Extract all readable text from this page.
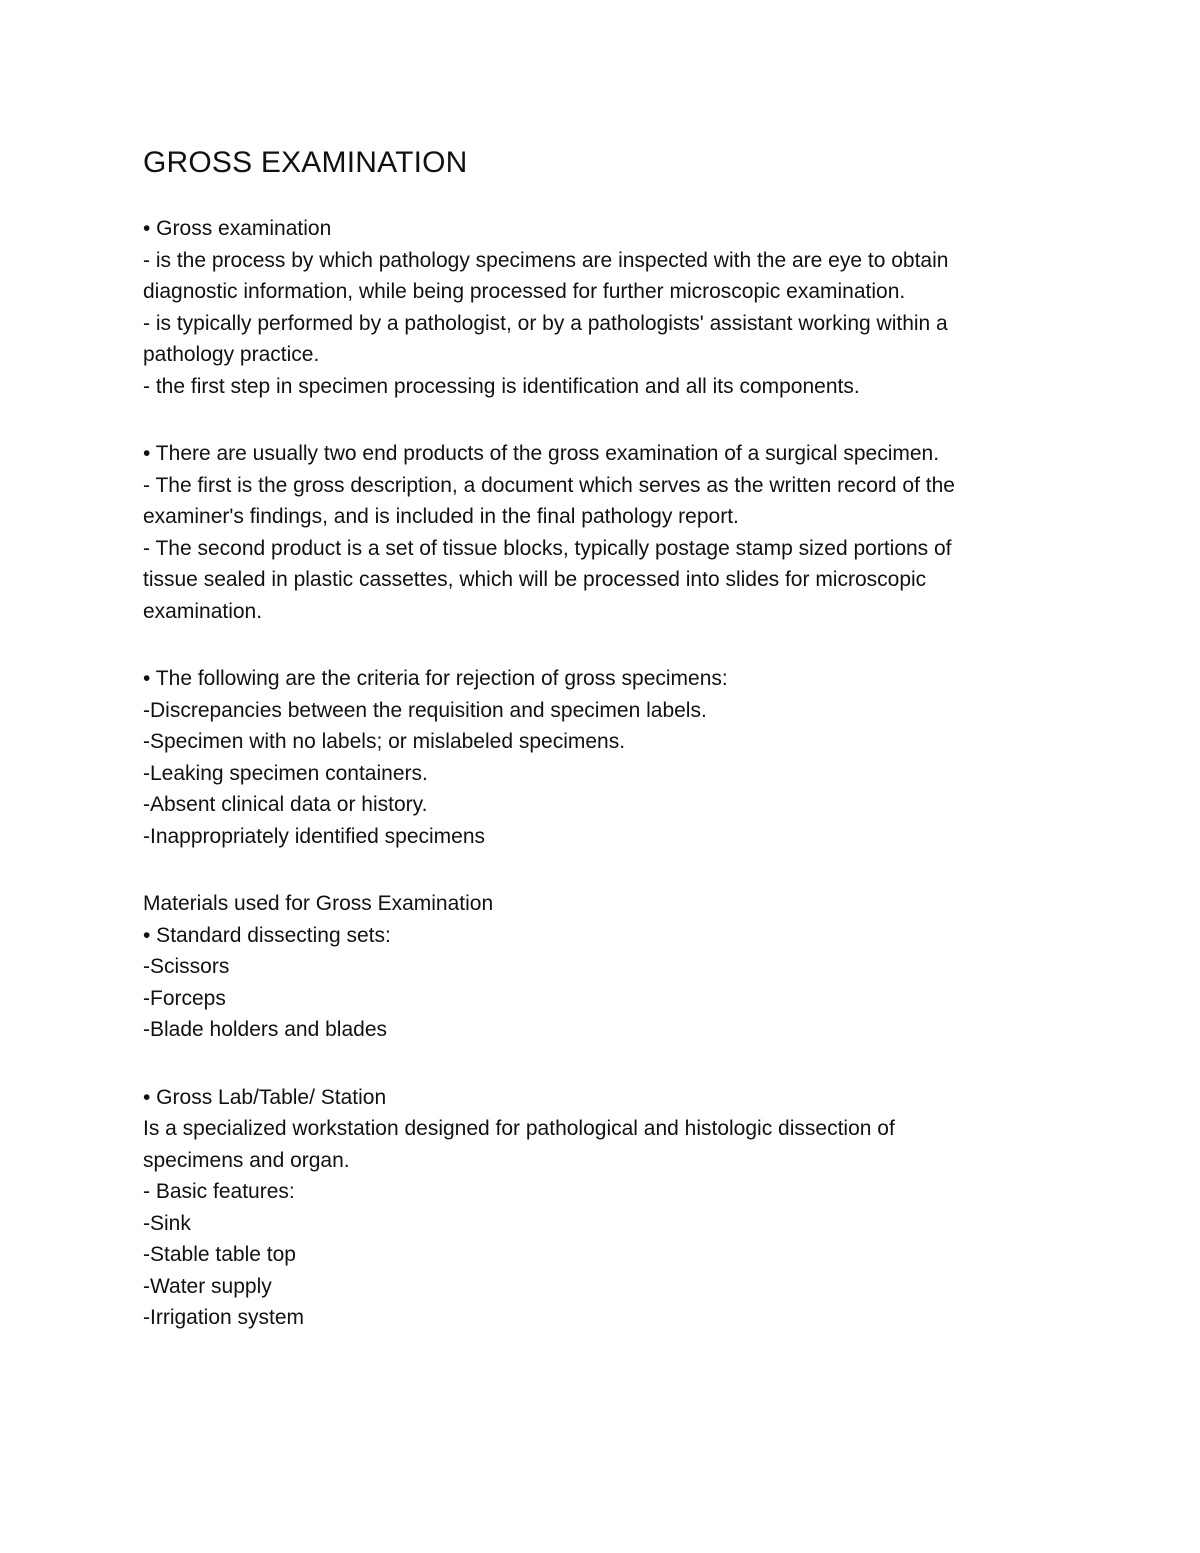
GROSS EXAMINATION
• Gross examination
- is the process by which pathology specimens are inspected with the are eye to obtain
diagnostic information, while being processed for further microscopic examination.
- is typically performed by a pathologist, or by a pathologists' assistant working within a
pathology practice.
- the first step in specimen processing is identification and all its components.
• There are usually two end products of the gross examination of a surgical specimen.
- The first is the gross description, a document which serves as the written record of the
examiner's findings, and is included in the final pathology report.
- The second product is a set of tissue blocks, typically postage stamp sized portions of
tissue sealed in plastic cassettes, which will be processed into slides for microscopic
examination.
• The following are the criteria for rejection of gross specimens:
-Discrepancies between the requisition and specimen labels.
-Specimen with no labels; or mislabeled specimens.
-Leaking specimen containers.
-Absent clinical data or history.
-Inappropriately identified specimens
Materials used for Gross Examination
• Standard dissecting sets:
-Scissors
-Forceps
-Blade holders and blades
• Gross Lab/Table/ Station
Is a specialized workstation designed for pathological and histologic dissection of
specimens and organ.
- Basic features:
-Sink
-Stable table top
-Water supply
-Irrigation system
